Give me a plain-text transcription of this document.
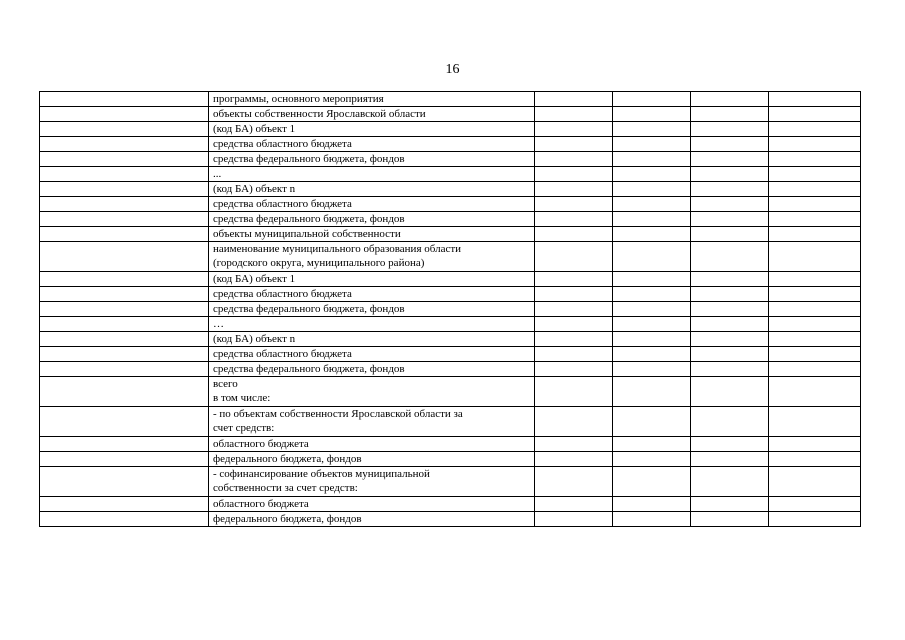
16

	программы, основного мероприятия				

	объекты собственности Ярославской области				

	(код БА) объект 1				

	средства областного бюджета				

	средства федерального бюджета, фондов				

	...				

	(код БА) объект n				

	средства областного бюджета				

	средства федерального бюджета, фондов				

	объекты муниципальной собственности				

	наименование муниципального образования области
(городского округа, муниципального района)				

	(код БА) объект 1				

	средства областного бюджета				

	средства федерального бюджета, фондов				

	…				

	(код БА) объект n				

	средства областного бюджета				

	средства федерального бюджета, фондов				

	всего
в том числе:				

	- по объектам собственности Ярославской области за
счет средств:				

	областного бюджета				

	федерального бюджета, фондов				

	- софинансирование объектов муниципальной
собственности за счет средств:				

	областного бюджета				

	федерального бюджета, фондов				
